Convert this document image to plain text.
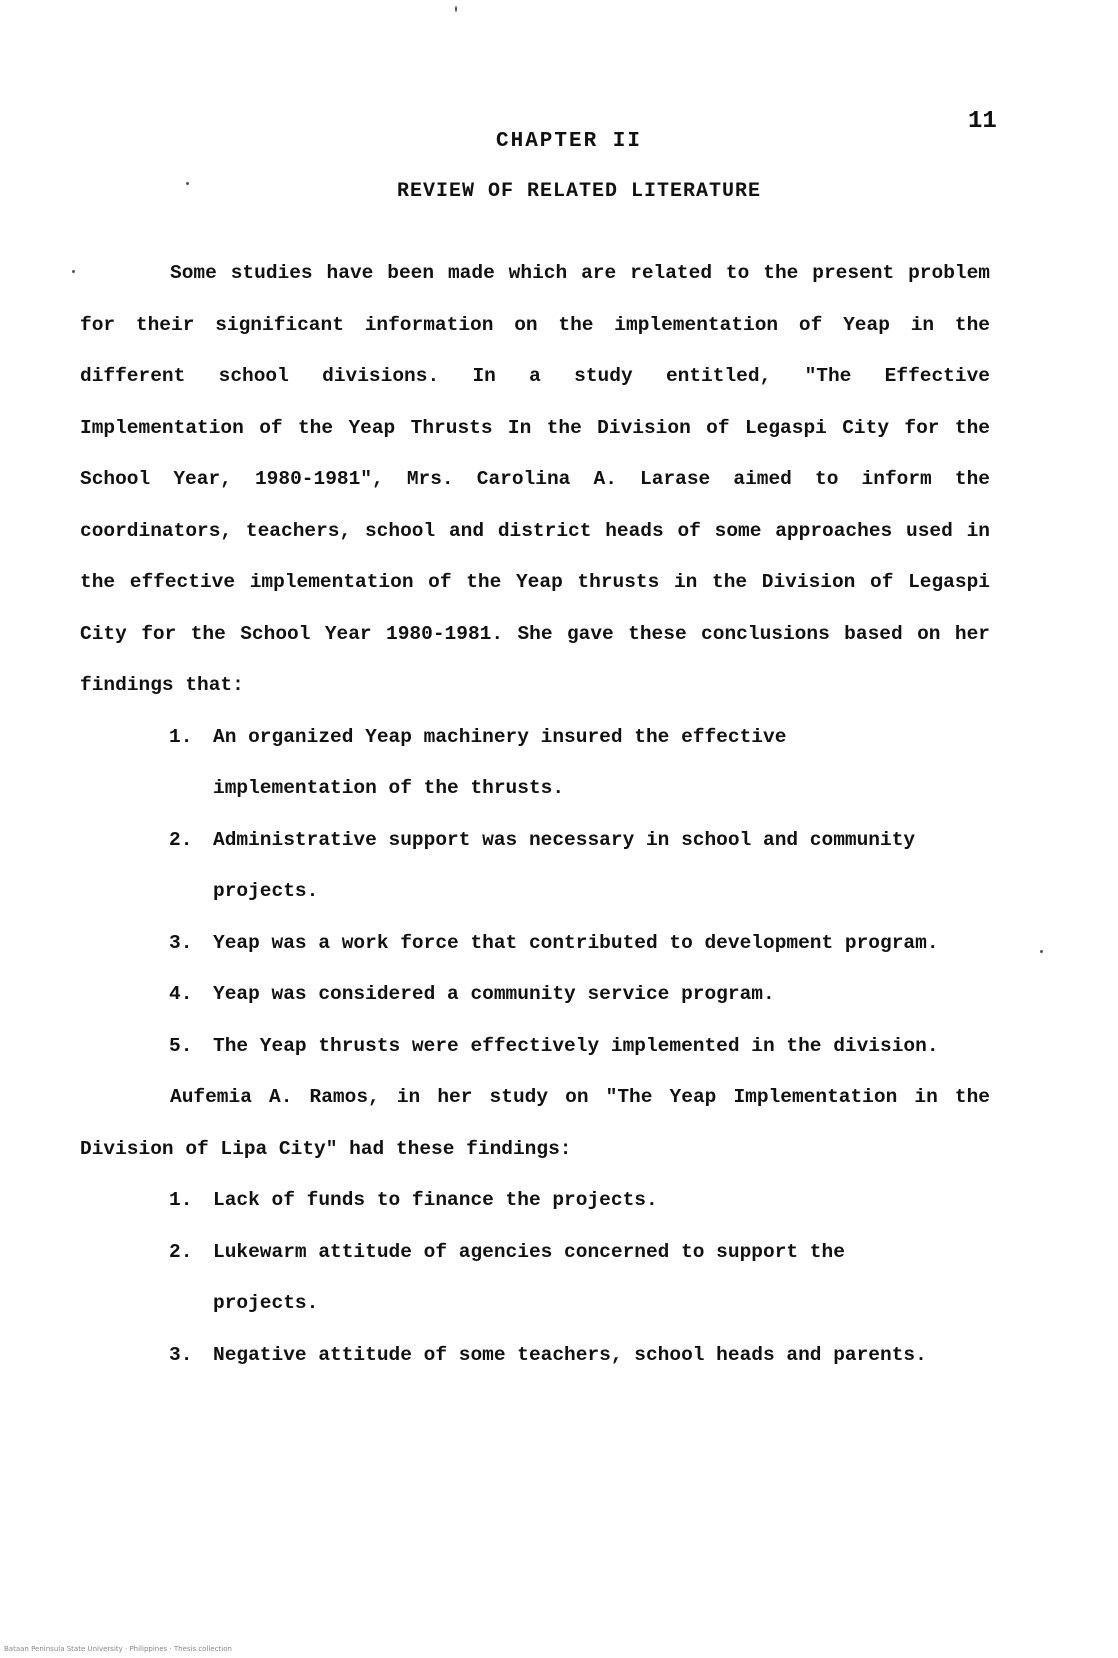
11
CHAPTER II
REVIEW OF RELATED LITERATURE

Some studies have been made which are related to the present problem for their significant information on the implementation of Yeap in the different school divisions. In a study entitled, "The Effective Implementation of the Yeap Thrusts In the Division of Legaspi City for the School Year, 1980-1981", Mrs. Carolina A. Larase aimed to inform the coordinators, teachers, school and district heads of some approaches used in the effective implementation of the Yeap thrusts in the Division of Legaspi City for the School Year 1980-1981. She gave these conclusions based on her findings that:

1. An organized Yeap machinery insured the effective implementation of the thrusts.
2. Administrative support was necessary in school and community projects.
3. Yeap was a work force that contributed to development program.
4. Yeap was considered a community service program.
5. The Yeap thrusts were effectively implemented in the division.

Aufemia A. Ramos, in her study on "The Yeap Implementation in the Division of Lipa City" had these findings:

1. Lack of funds to finance the projects.
2. Lukewarm attitude of agencies concerned to support the projects.
3. Negative attitude of some teachers, school heads and parents.
Bataan Peninsula State University · Philippines · Thesis collection
